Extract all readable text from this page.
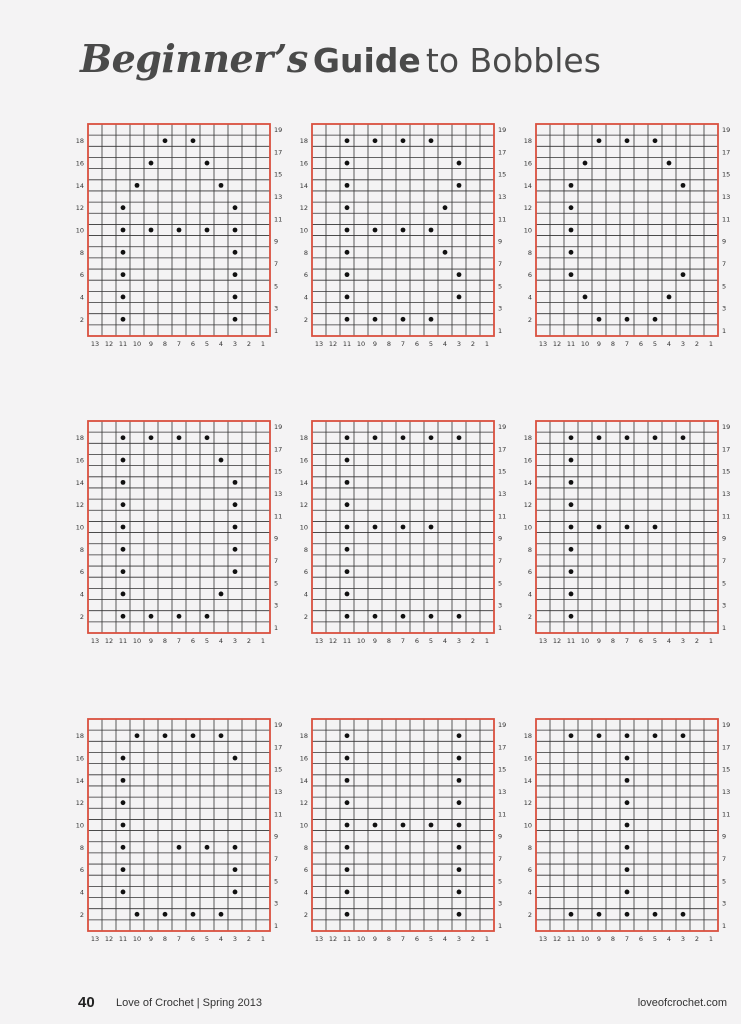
Beginner’s Guide to Bobbles
18
16
14
12
10
8
6
4
2
19
17
15
13
11
9
7
5
3
1
13 12 11 10 9 8 7 6 5 4 3 2 1
18
16
14
12
10
8
6
4
2
19
17
15
13
11
9
7
5
3
1
13 12 11 10 9 8 7 6 5 4 3 2 1
18
16
14
12
10
8
6
4
2
19
17
15
13
11
9
7
5
3
1
13 12 11 10 9 8 7 6 5 4 3 2 1
18
16
14
12
10
8
6
4
2
19
17
15
13
11
9
7
5
3
1
13 12 11 10 9 8 7 6 5 4 3 2 1
18
16
14
12
10
8
6
4
2
19
17
15
13
11
9
7
5
3
1
13 12 11 10 9 8 7 6 5 4 3 2 1
18
16
14
12
10
8
6
4
2
19
17
15
13
11
9
7
5
3
1
13 12 11 10 9 8 7 6 5 4 3 2 1
18
16
14
12
10
8
6
4
2
19
17
15
13
11
9
7
5
3
1
13 12 11 10 9 8 7 6 5 4 3 2 1
18
16
14
12
10
8
6
4
2
19
17
15
13
11
9
7
5
3
1
13 12 11 10 9 8 7 6 5 4 3 2 1
18
16
14
12
10
8
6
4
2
19
17
15
13
11
9
7
5
3
1
13 12 11 10 9 8 7 6 5 4 3 2 1
40 Love of Crochet | Spring 2013	loveofcrochet.com
